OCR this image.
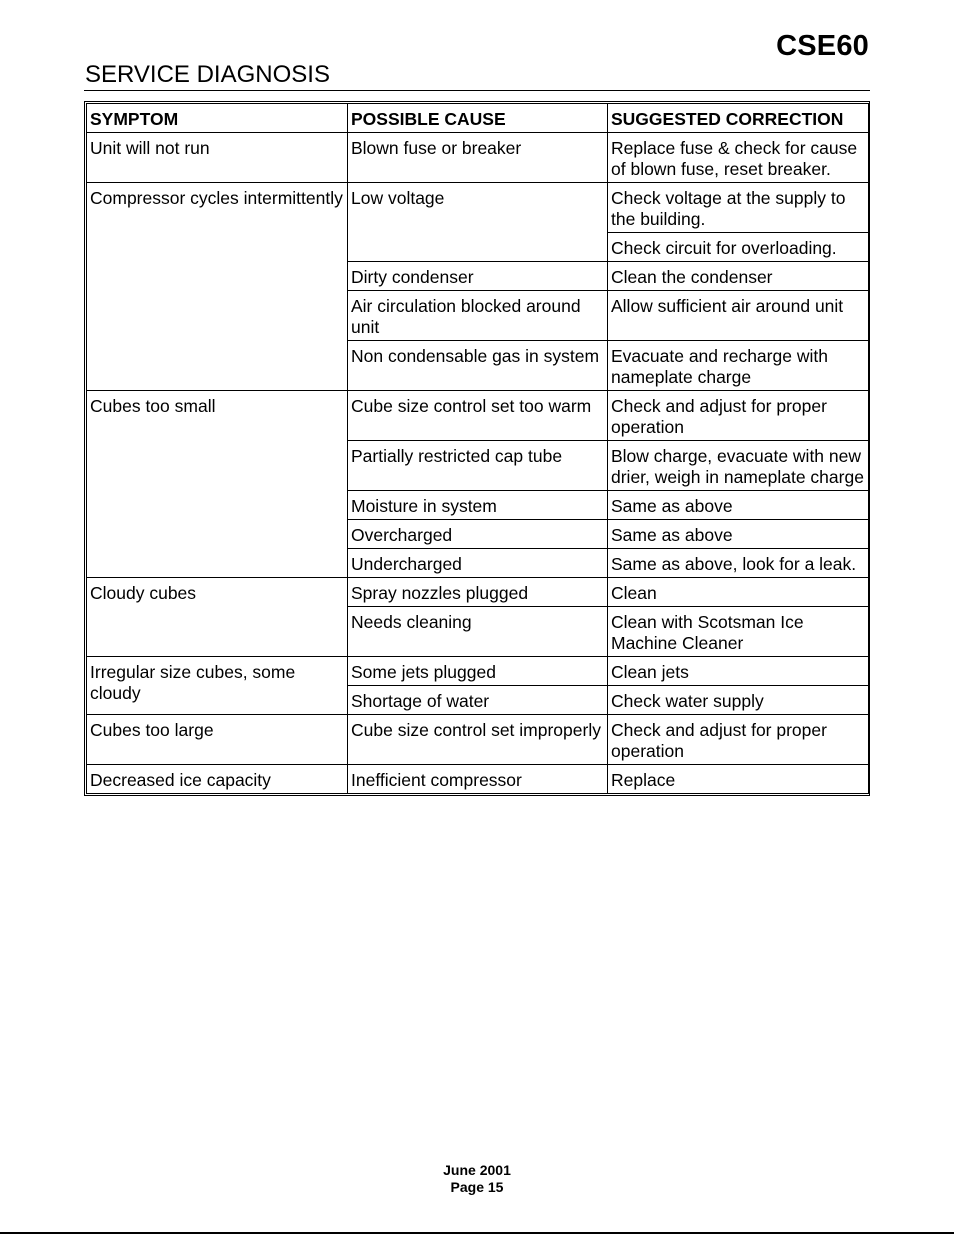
CSE60
SERVICE DIAGNOSIS
SYMPTOM	POSSIBLE CAUSE	SUGGESTED CORRECTION
Unit will not run	Blown fuse or breaker	Replace fuse & check for cause of blown fuse, reset breaker.
Compressor cycles intermittently	Low voltage	Check voltage at the supply to the building.
		Check circuit for overloading.
	Dirty condenser	Clean the condenser
	Air circulation blocked around unit	Allow sufficient air around unit
	Non condensable gas in system	Evacuate and recharge with nameplate charge
Cubes too small	Cube size control set too warm	Check and adjust for proper operation
	Partially restricted cap tube	Blow charge, evacuate with new drier, weigh in nameplate charge
	Moisture in system	Same as above
	Overcharged	Same as above
	Undercharged	Same as above, look for a leak.
Cloudy cubes	Spray nozzles plugged	Clean
	Needs cleaning	Clean with Scotsman Ice Machine Cleaner
Irregular size cubes, some cloudy	Some jets plugged	Clean jets
	Shortage of water	Check water supply
Cubes too large	Cube size control set improperly	Check and adjust for proper operation
Decreased ice capacity	Inefficient compressor	Replace
June 2001
Page 15
